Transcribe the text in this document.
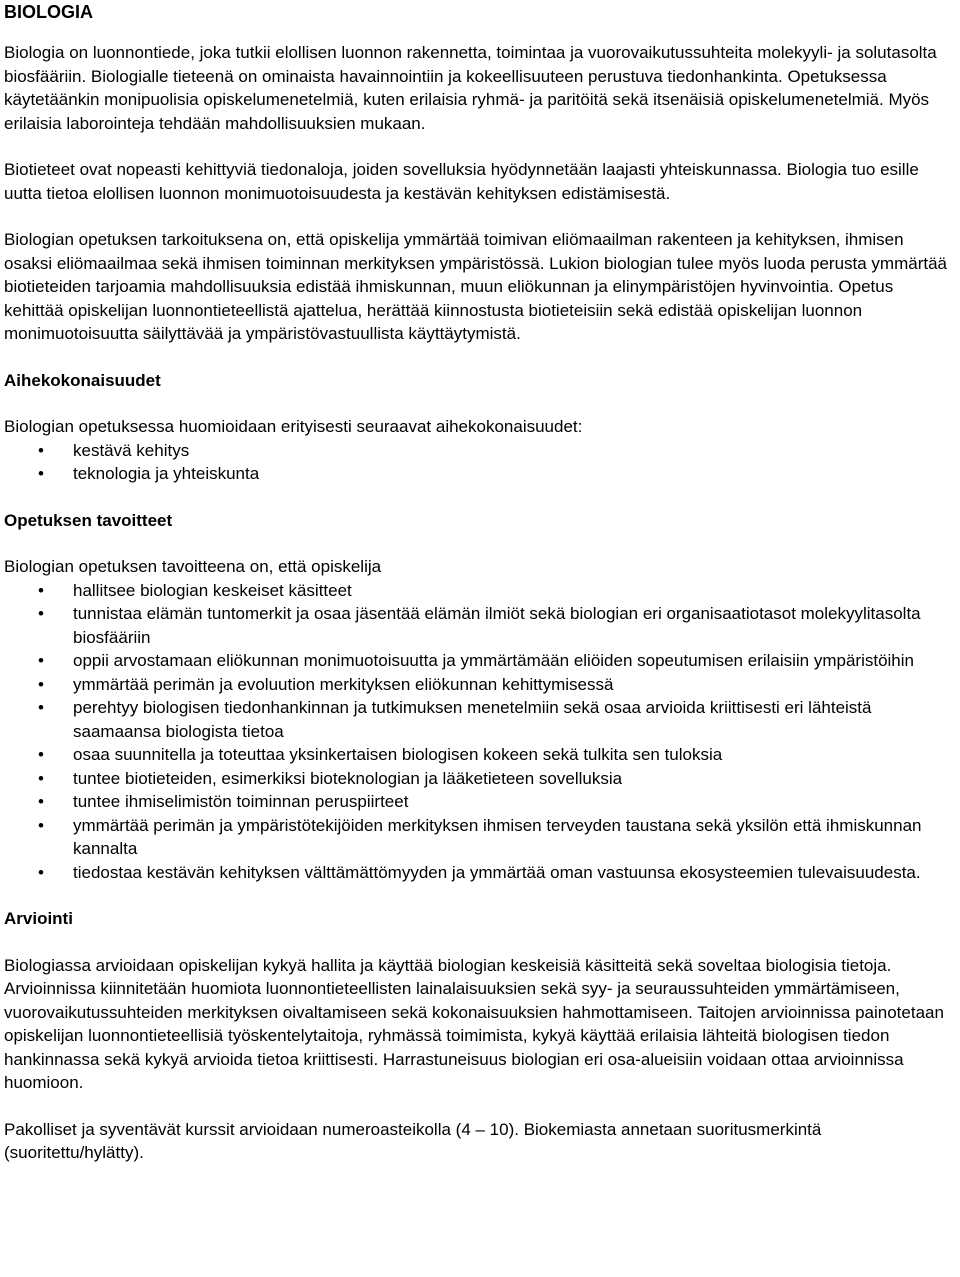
BIOLOGIA

Biologia on luonnontiede, joka tutkii elollisen luonnon rakennetta, toimintaa ja vuorovaikutussuhteita molekyyli- ja solutasolta biosfääriin. Biologialle tieteenä on ominaista havainnointiin ja kokeellisuuteen perustuva tiedonhankinta. Opetuksessa käytetäänkin monipuolisia opiskelumenetelmiä, kuten erilaisia ryhmä- ja paritöitä sekä itsenäisiä opiskelumenetelmiä. Myös erilaisia laborointeja tehdään mahdollisuuksien mukaan.

Biotieteet ovat nopeasti kehittyviä tiedonaloja, joiden sovelluksia hyödynnetään laajasti yhteiskunnassa. Biologia tuo esille uutta tietoa elollisen luonnon monimuotoisuudesta ja kestävän kehityksen edistämisestä.

Biologian opetuksen tarkoituksena on, että opiskelija ymmärtää toimivan eliömaailman rakenteen ja kehityksen, ihmisen osaksi eliömaailmaa sekä ihmisen toiminnan merkityksen ympäristössä. Lukion biologian tulee myös luoda perusta ymmärtää biotieteiden tarjoamia mahdollisuuksia edistää ihmiskunnan, muun eliökunnan ja elinympäristöjen hyvinvointia. Opetus kehittää opiskelijan luonnontieteellistä ajattelua, herättää kiinnostusta biotieteisiin sekä edistää opiskelijan luonnon monimuotoisuutta säilyttävää ja ympäristövastuullista käyttäytymistä.

Aihekokonaisuudet

Biologian opetuksessa huomioidaan erityisesti seuraavat aihekokonaisuudet:

•	kestävä kehitys
•	teknologia ja yhteiskunta

Opetuksen tavoitteet

Biologian opetuksen tavoitteena on, että opiskelija

•	hallitsee biologian keskeiset käsitteet
•	tunnistaa elämän tuntomerkit ja osaa jäsentää elämän ilmiöt sekä biologian eri organisaatiotasot molekyylitasolta biosfääriin
•	oppii arvostamaan eliökunnan monimuotoisuutta ja ymmärtämään eliöiden sopeutumisen erilaisiin ympäristöihin
•	ymmärtää perimän ja evoluution merkityksen eliökunnan kehittymisessä
•	perehtyy biologisen tiedonhankinnan ja tutkimuksen menetelmiin sekä osaa arvioida kriittisesti eri lähteistä saamaansa biologista tietoa
•	osaa suunnitella ja toteuttaa yksinkertaisen biologisen kokeen sekä tulkita sen tuloksia
•	tuntee biotieteiden, esimerkiksi bioteknologian ja lääketieteen sovelluksia
•	tuntee ihmiselimistön toiminnan peruspiirteet
•	ymmärtää perimän ja ympäristötekijöiden merkityksen ihmisen terveyden taustana sekä yksilön että ihmiskunnan kannalta
•	tiedostaa kestävän kehityksen välttämättömyyden ja ymmärtää oman vastuunsa ekosysteemien tulevaisuudesta.

Arviointi

Biologiassa arvioidaan opiskelijan kykyä hallita ja käyttää biologian keskeisiä käsitteitä sekä soveltaa biologisia tietoja. Arvioinnissa kiinnitetään huomiota luonnontieteellisten lainalaisuuksien sekä syy- ja seuraussuhteiden ymmärtämiseen, vuorovaikutussuhteiden merkityksen oivaltamiseen sekä kokonaisuuksien hahmottamiseen. Taitojen arvioinnissa painotetaan opiskelijan luonnontieteellisiä työskentelytaitoja, ryhmässä toimimista, kykyä käyttää erilaisia lähteitä biologisen tiedon hankinnassa sekä kykyä arvioida tietoa kriittisesti. Harrastuneisuus biologian eri osa-alueisiin voidaan ottaa arvioinnissa huomioon.

Pakolliset ja syventävät kurssit arvioidaan numeroasteikolla (4 – 10). Biokemiasta annetaan suoritusmerkintä (suoritettu/hylätty).
